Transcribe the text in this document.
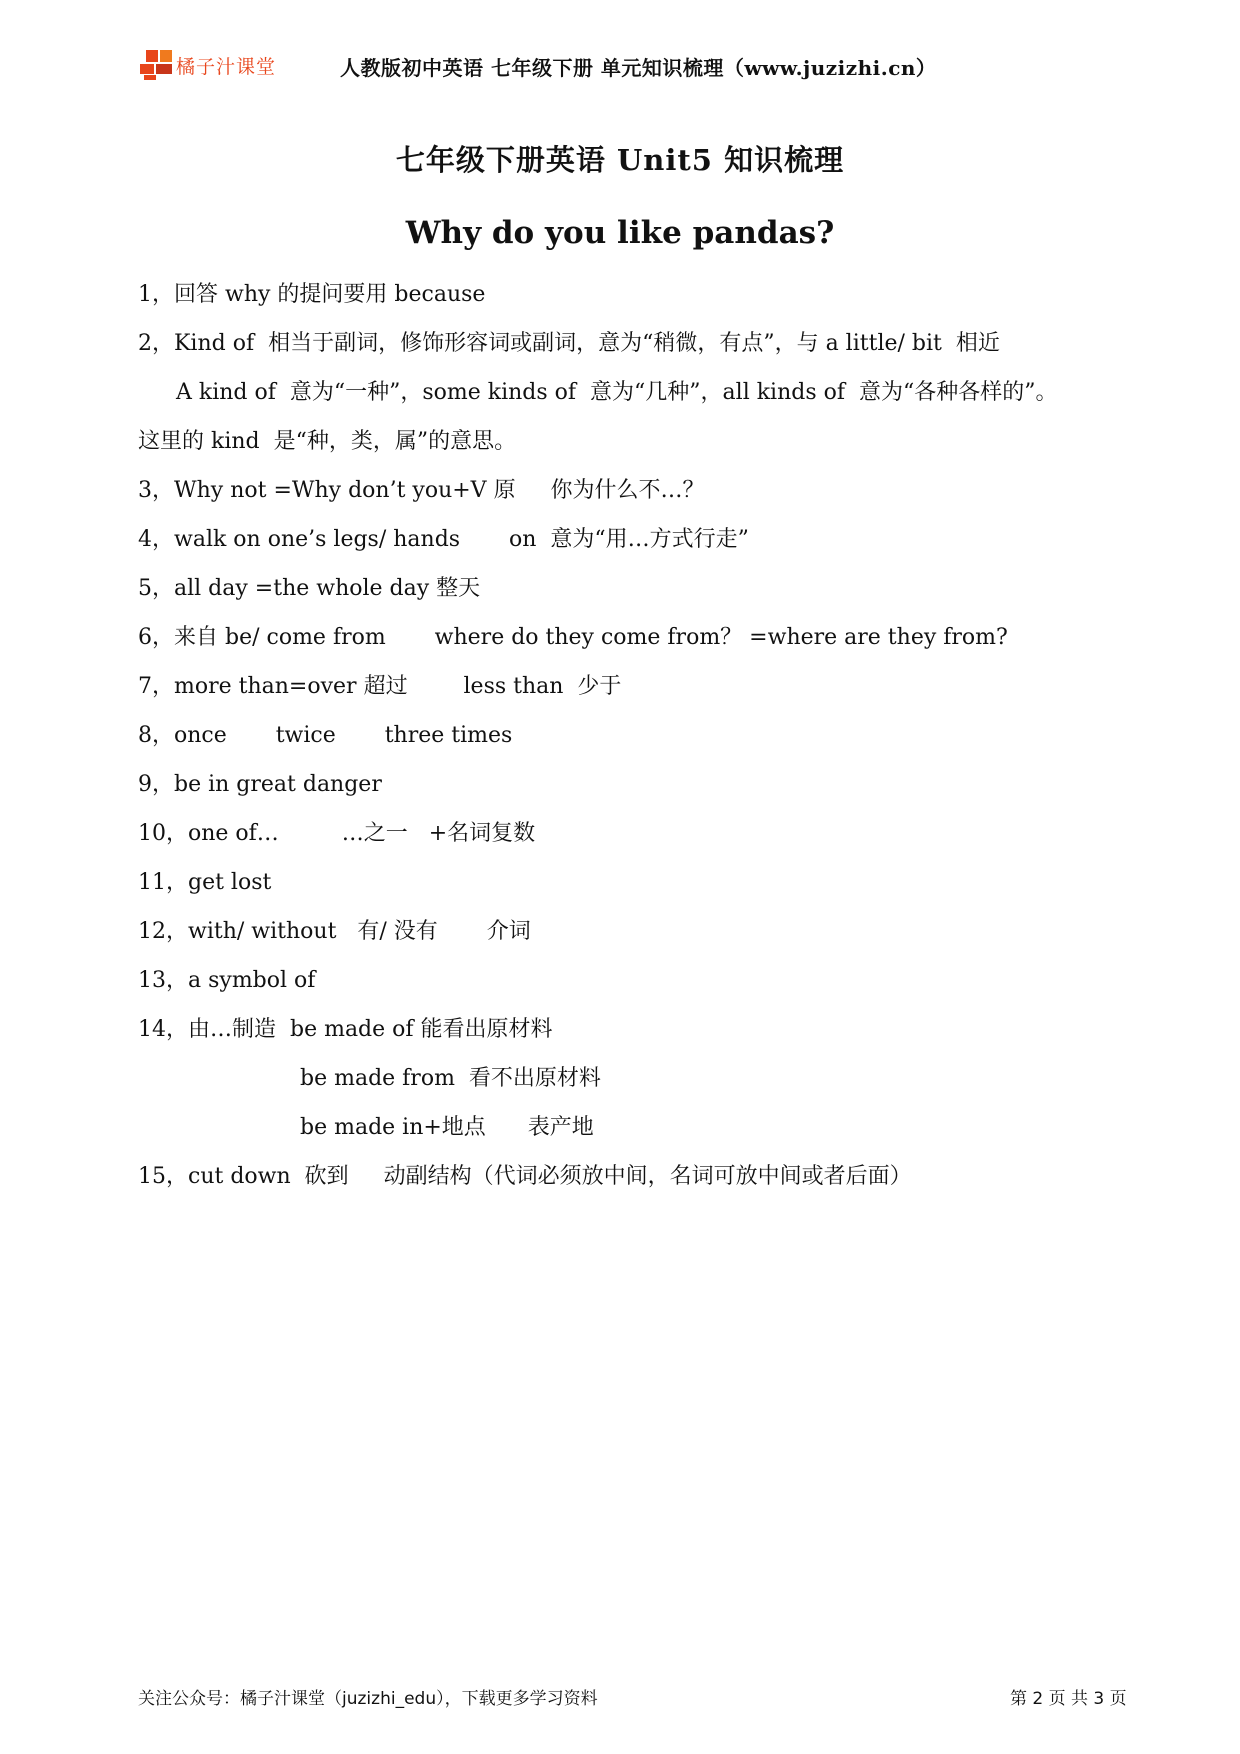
橘子汁课堂	人教版初中英语 七年级下册 单元知识梳理（www.juzizhi.cn）
七年级下册英语 Unit5 知识梳理
Why do you like pandas?
1，回答 why 的提问要用 because
2，Kind of  相当于副词，修饰形容词或副词，意为“稍微，有点”，与 a little/ bit  相近
A kind of  意为“一种”，some kinds of  意为“几种”，all kinds of  意为“各种各样的”。
这里的 kind  是“种，类，属”的意思。
3，Why not =Why don’t you+V 原     你为什么不…？
4，walk on one’s legs/ hands       on  意为“用…方式行走”
5，all day =the whole day 整天
6，来自 be/ come from       where do they come from？ =where are they from?
7，more than=over 超过        less than  少于
8，once       twice       three times
9，be in great danger
10，one of…         …之一   +名词复数
11，get lost
12，with/ without   有/ 没有       介词
13，a symbol of
14，由…制造  be made of 能看出原材料
be made from  看不出原材料
be made in+地点      表产地
15，cut down  砍到     动副结构（代词必须放中间，名词可放中间或者后面）
关注公众号：橘子汁课堂（juzizhi_edu），下载更多学习资料	第 2 页 共 3 页
